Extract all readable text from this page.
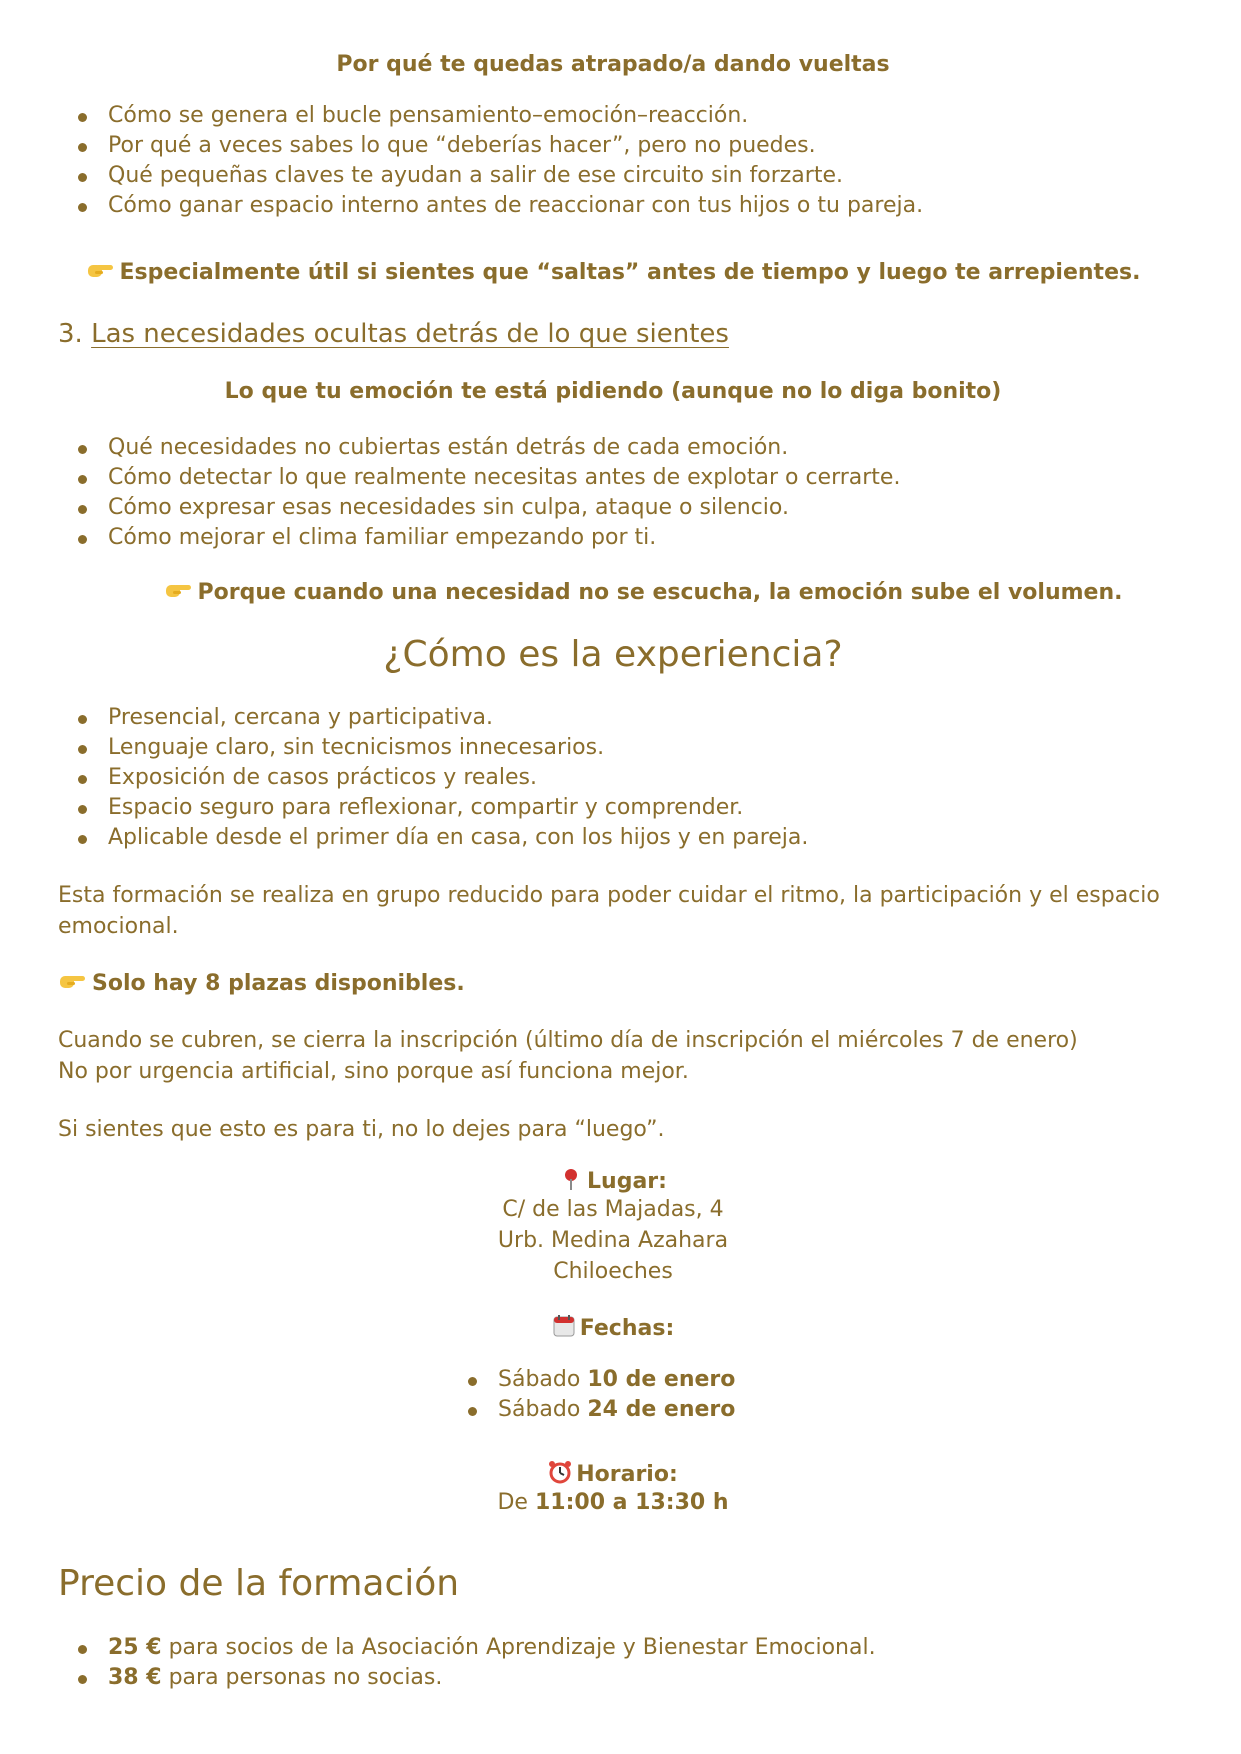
Por qué te quedas atrapado/a dando vueltas
Cómo se genera el bucle pensamiento–emoción–reacción.
Por qué a veces sabes lo que “deberías hacer”, pero no puedes.
Qué pequeñas claves te ayudan a salir de ese circuito sin forzarte.
Cómo ganar espacio interno antes de reaccionar con tus hijos o tu pareja.
Especialmente útil si sientes que “saltas” antes de tiempo y luego te arrepientes.
3. Las necesidades ocultas detrás de lo que sientes
Lo que tu emoción te está pidiendo (aunque no lo diga bonito)
Qué necesidades no cubiertas están detrás de cada emoción.
Cómo detectar lo que realmente necesitas antes de explotar o cerrarte.
Cómo expresar esas necesidades sin culpa, ataque o silencio.
Cómo mejorar el clima familiar empezando por ti.
Porque cuando una necesidad no se escucha, la emoción sube el volumen.
¿Cómo es la experiencia?
Presencial, cercana y participativa.
Lenguaje claro, sin tecnicismos innecesarios.
Exposición de casos prácticos y reales.
Espacio seguro para reflexionar, compartir y comprender.
Aplicable desde el primer día en casa, con los hijos y en pareja.
Esta formación se realiza en grupo reducido para poder cuidar el ritmo, la participación y el espacio
emocional.
Solo hay 8 plazas disponibles.
Cuando se cubren, se cierra la inscripción (último día de inscripción el miércoles 7 de enero)
No por urgencia artificial, sino porque así funciona mejor.
Si sientes que esto es para ti, no lo dejes para “luego”.
Lugar:
C/ de las Majadas, 4
Urb. Medina Azahara
Chiloeches
Fechas:
Sábado 10 de enero
Sábado 24 de enero
Horario:
De 11:00 a 13:30 h
Precio de la formación
25 € para socios de la Asociación Aprendizaje y Bienestar Emocional.
38 € para personas no socias.
